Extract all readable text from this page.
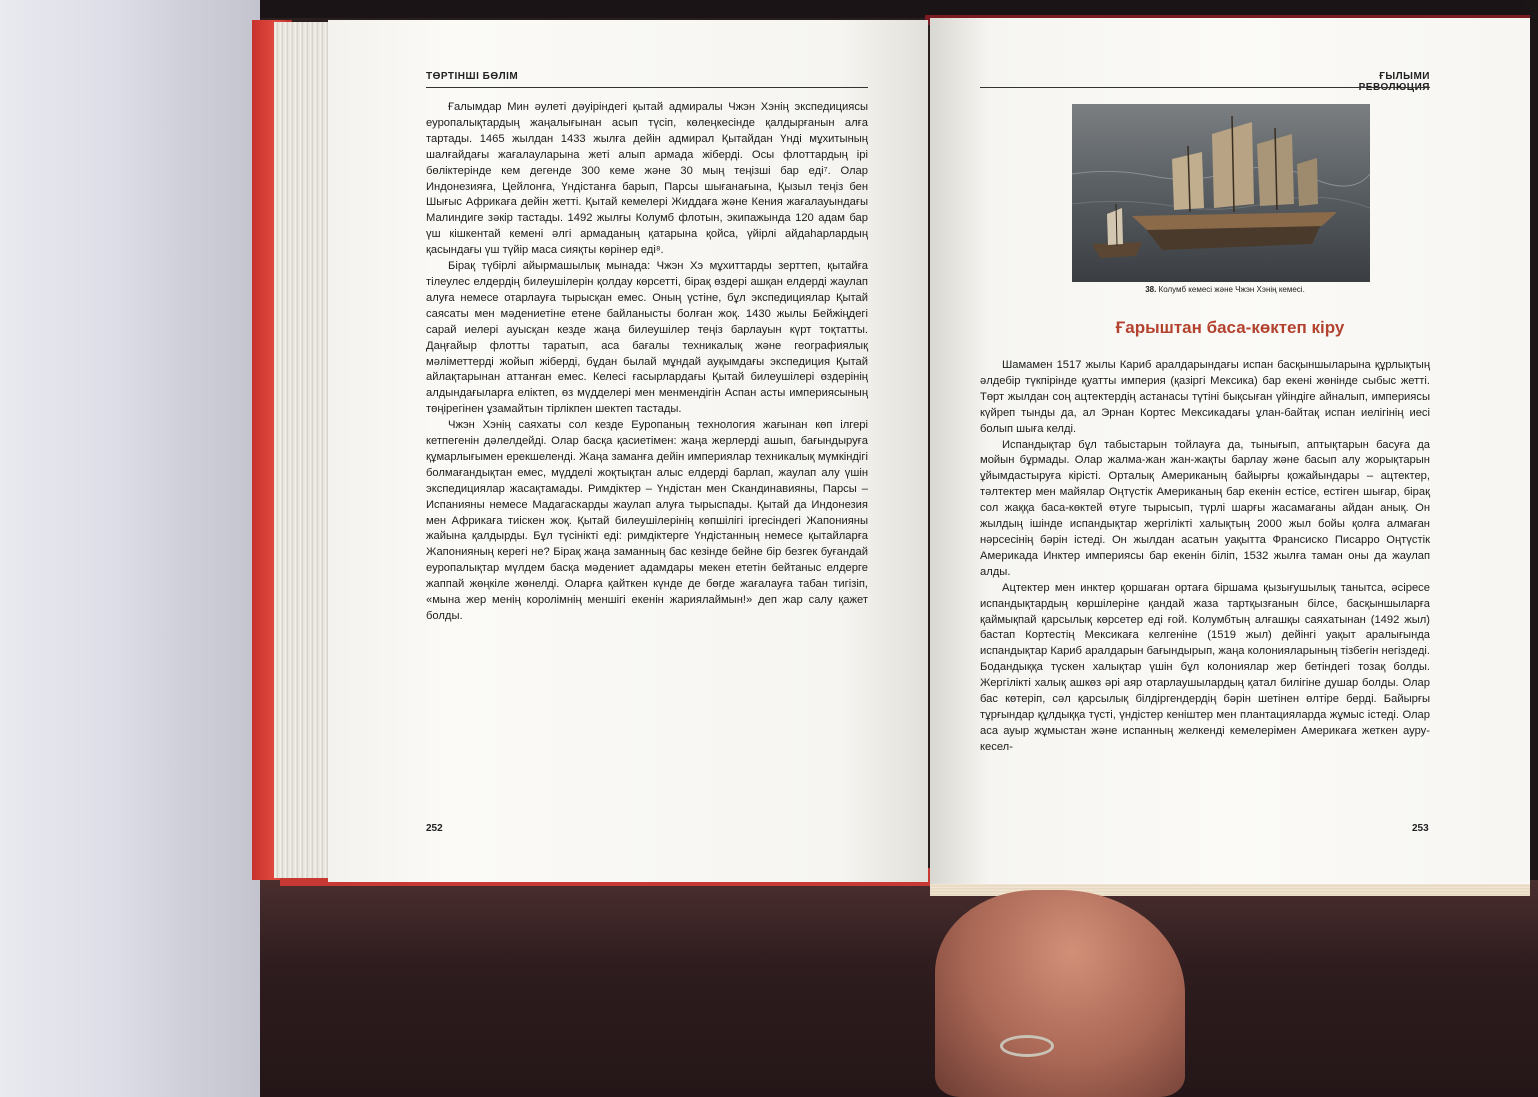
ТӨРТІНШІ БӨЛІМ

Ғалымдар Мин әулеті дәуіріндегі қытай адмиралы Чжэн Хэнің экспедициясы еуропалықтардың жаңалығынан асып түсіп, көлеңкесінде қалдырғанын алға тартады. 1465 жылдан 1433 жылға дейін адмирал Қытайдан Үнді мұхитының шалғайдағы жағалауларына жеті алып армада жіберді. Осы флоттардың ірі бөліктерінде кем дегенде 300 кеме және 30 мың теңізші бар еді⁷. Олар Индонезияға, Цейлонға, Үндістанға барып, Парсы шығанағына, Қызыл теңіз бен Шығыс Африкаға дейін жетті. Қытай кемелері Жиддаға және Кения жағалауындағы Малиндиге зәкір тастады. 1492 жылғы Колумб флотын, экипажында 120 адам бар үш кішкентай кемені әлгі армаданың қатарына қойса, үйірлі айдаһарлардың қасындағы үш түйір маса сияқты көрінер еді⁸.

Бірақ түбірлі айырмашылық мынада: Чжэн Хэ мұхиттарды зерттеп, қытайға тілеулес елдердің билеушілерін қолдау көрсетті, бірақ өздері ашқан елдерді жаулап алуға немесе отарлауға тырысқан емес. Оның үстіне, бұл экспедициялар Қытай саясаты мен мәдениетіне етене байланысты болған жоқ. 1430 жылы Бейжіңдегі сарай иелері ауысқан кезде жаңа билеушілер теңіз барлауын күрт тоқтатты. Даңғайыр флотты таратып, аса бағалы техникалық және географиялық мәліметтерді жойып жіберді, бұдан былай мұндай ауқымдағы экспедиция Қытай айлақтарынан аттанған емес. Келесі ғасырлардағы Қытай билеушілері өздерінің алдындағыларға еліктеп, өз мүдделері мен менмендігін Аспан асты империясының төңірегінен ұзамайтын тірлікпен шектеп тастады.

Чжэн Хэнің саяхаты сол кезде Еуропаның технология жағынан көп ілгері кетпегенін дәлелдейді. Олар басқа қасиетімен: жаңа жерлерді ашып, бағындыруға құмарлығымен ерекшеленді. Жаңа заманға дейін империялар техникалық мүмкіндігі болмағандықтан емес, мүдделі жоқтықтан алыс елдерді барлап, жаулап алу үшін экспедициялар жасақтамады. Римдіктер – Үндістан мен Скандинавияны, Парсы – Испанияны немесе Мадагаскарды жаулап алуға тырыспады. Қытай да Индонезия мен Африкаға тиіскен жоқ. Қытай билеушілерінің көпшілігі іргесіндегі Жапонияны жайына қалдырды. Бұл түсінікті еді: римдіктерге Үндістанның немесе қытайларға Жапонияның керегі не? Бірақ жаңа заманның бас кезінде бейне бір безгек буғандай еуропалықтар мүлдем басқа мәдениет адамдары мекен ететін бейтаныс елдерге жаппай жөңкіле жөнелді. Оларға қайткен күнде де бөгде жағалауға табан тигізіп, «мына жер менің королімнің меншігі екенін жариялаймын!» деп жар салу қажет болды.

252
ҒЫЛЫМИ
38. Колумб кемесі және Чжэн Хэнің кемесі.
Ғарыштан баса-көктеп кіру

Шамамен 1517 жылы Кариб аралдарындағы испан басқыншыларына құрлықтың әлдебір түкпірінде қуатты империя (қазіргі Мексика) бар екені жөнінде сыбыс жетті. Төрт жылдан соң ацтектердің астанасы түтіні бықсыған үйіндіге айналып, империясы күйреп тынды да, ал Эрнан Кортес Мексикадағы ұлан-байтақ испан иелігінің иесі болып шыға келді.

Испандықтар бұл табыстарын тойлауға да, тынығып, аптықтарын басуға да мойын бұрмады. Олар жалма-жан жан-жақты барлау және басып алу жорықтарын ұйымдастыруға кірісті. Орталық Американың байырғы қожайындары – ацтектер, тәлтектер мен майялар Оңтүстік Американың бар екенін естісе, естіген шығар, бірақ сол жаққа баса-көктей өтуге тырысып, түрлі шарғы жасамағаны айдан анық. Он жылдың ішінде испандықтар жергілікті халықтың 2000 жыл бойы қолға алмаған нәрсесінің бәрін істеді. Он жылдан асатын уақытта Франсиско Писарро Оңтүстік Америкада Инктер империясы бар екенін біліп, 1532 жылға таман оны да жаулап алды.

Ацтектер мен инктер қоршаған ортаға біршама қызығушылық танытса, әсіресе испандықтардың көршілеріне қандай жаза тартқызғанын білсе, басқыншыларға қаймықпай қарсылық көрсетер еді ғой. Колумбтың алғашқы саяхатынан (1492 жыл) бастап Кортестің Мексикаға келгеніне (1519 жыл) дейінгі уақыт аралығында испандықтар Кариб аралдарын бағындырып, жаңа колонияларының тізбегін негіздеді. Бодандыққа түскен халықтар үшін бұл колониялар жер бетіндегі тозақ болды. Жергілікті халық ашкөз әрі аяр отарлаушылардың қатал билігіне душар болды. Олар бас көтеріп, сәл қарсылық білдіргендердің бәрін шетінен өлтіре берді. Байырғы тұрғындар құлдыққа түсті, үндістер кеніштер мен плантацияларда жұмыс істеді. Олар аса ауыр жұмыстан және испанның желкенді кемелерімен Америкаға жеткен ауру-кесел-

253
